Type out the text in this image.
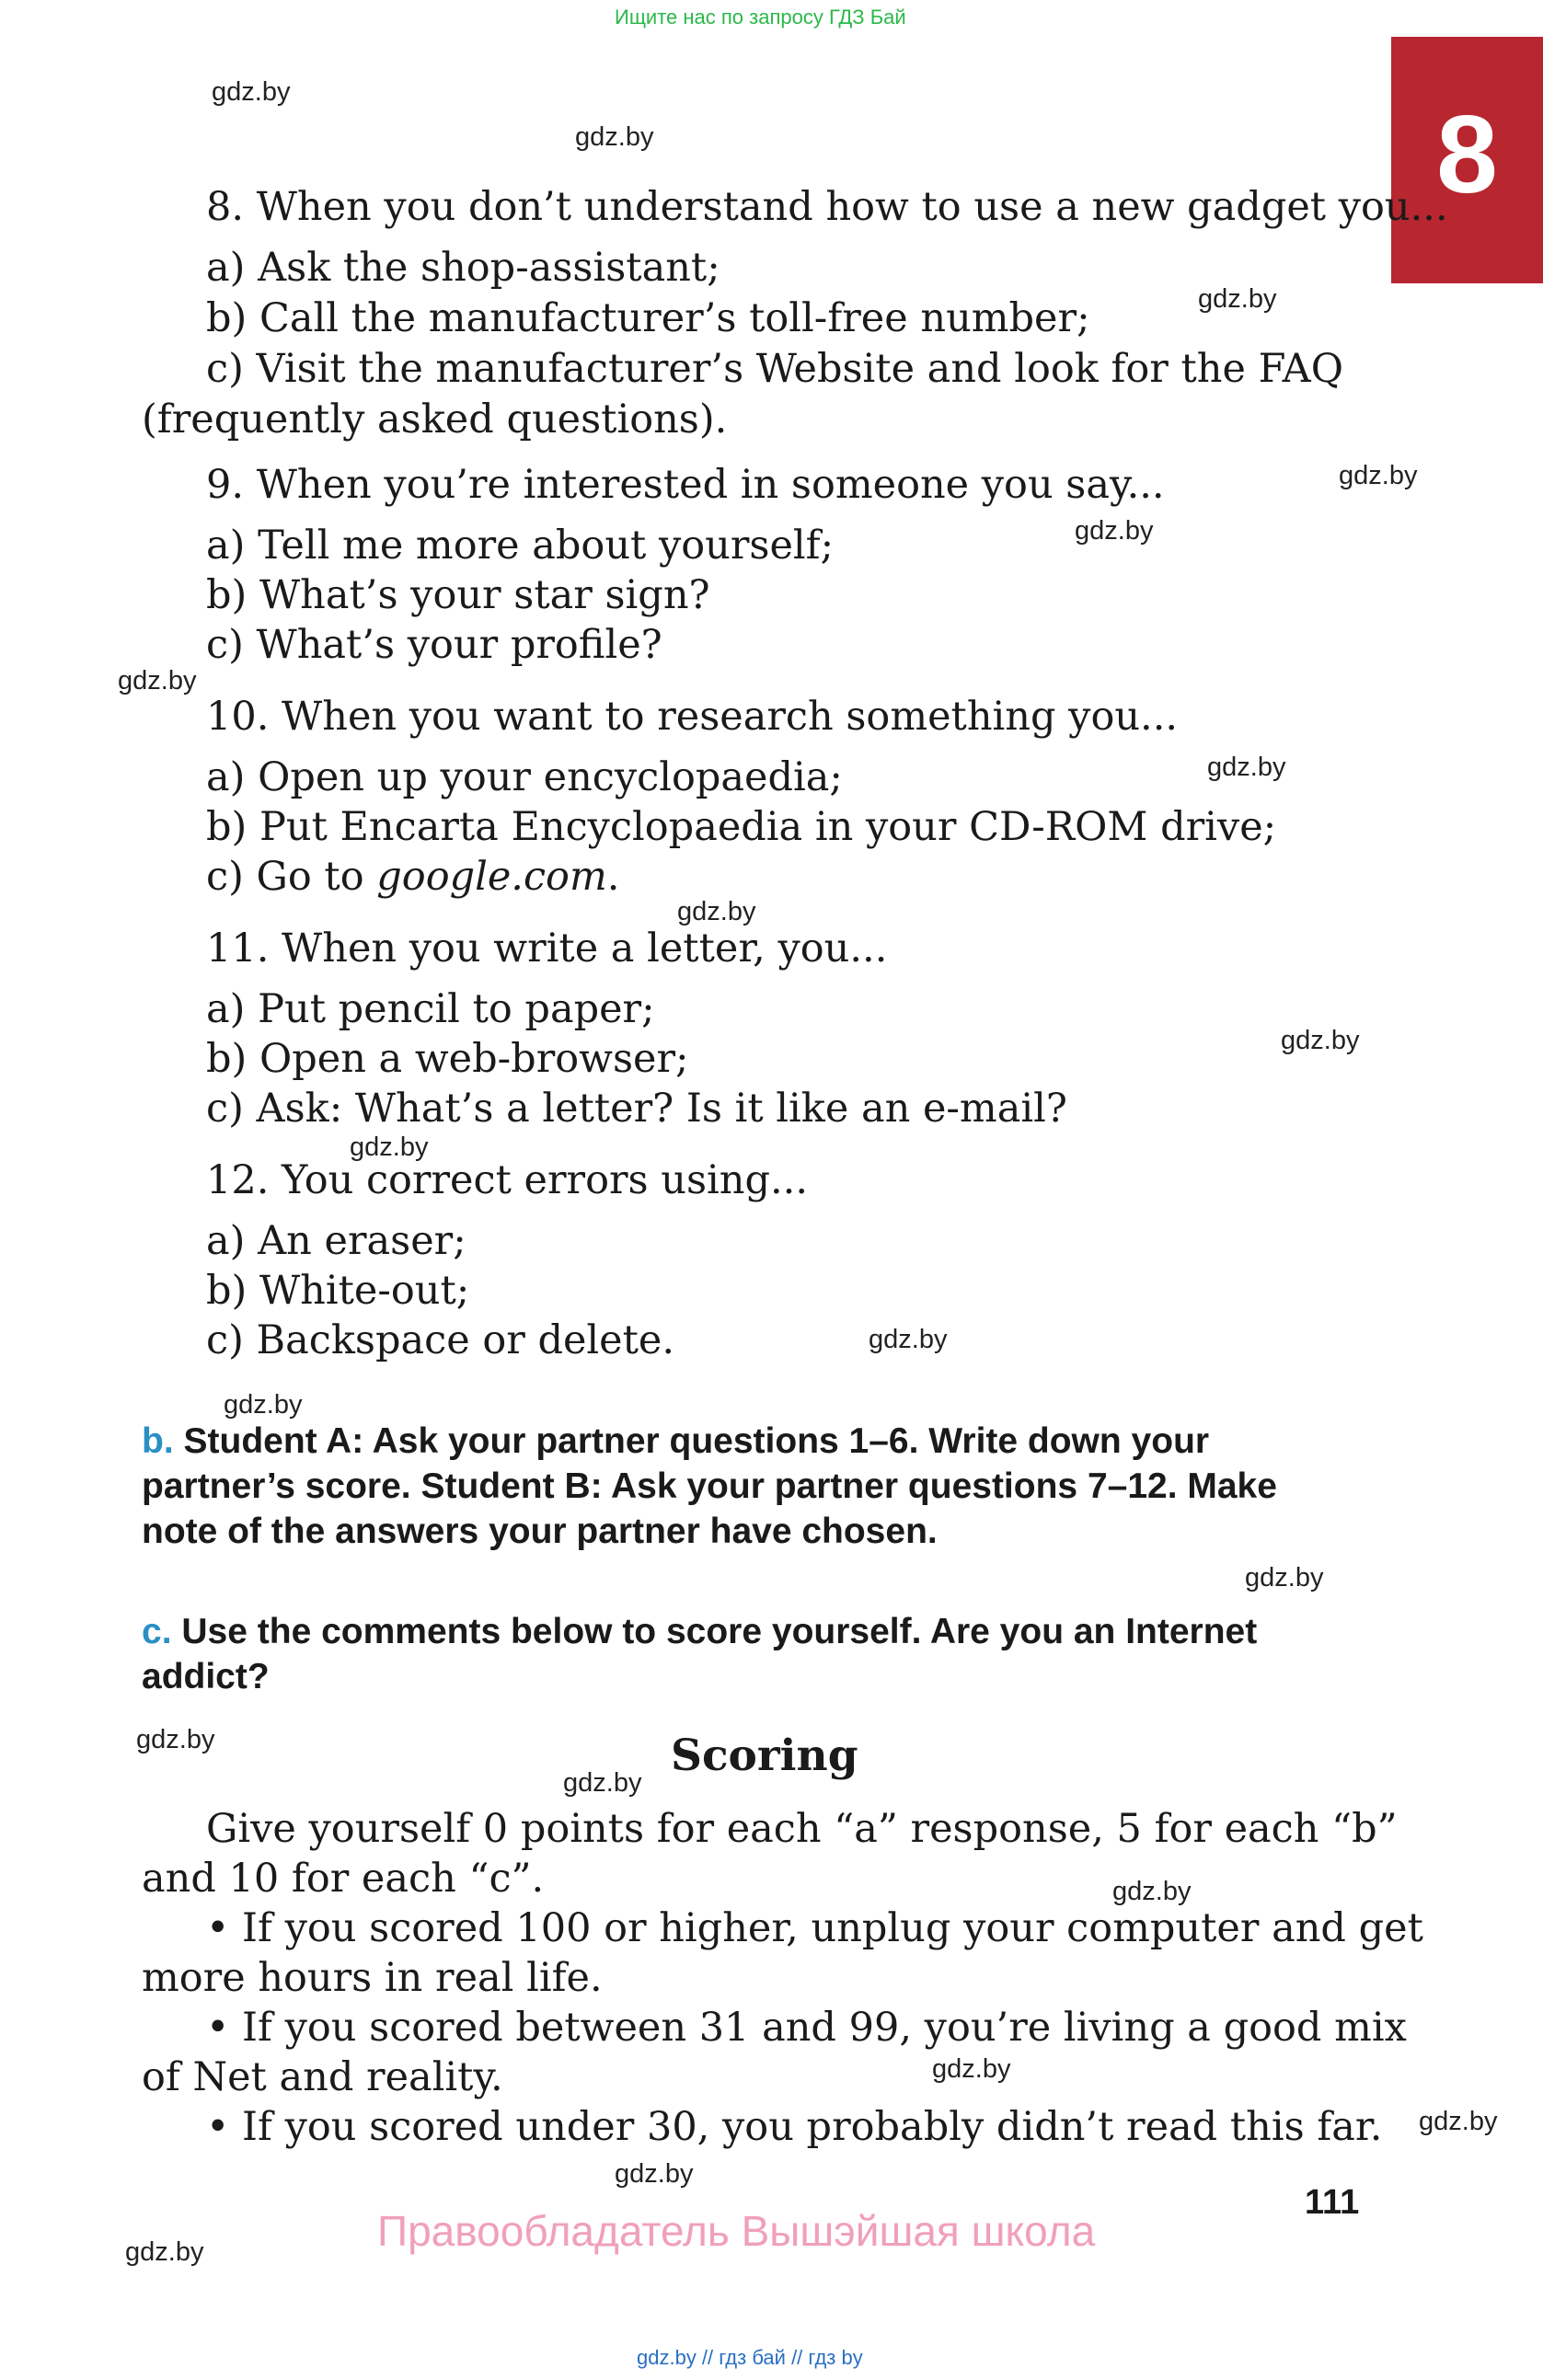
Ищите нас по запросу ГДЗ Бай
8
gdz.by
gdz.by
gdz.by
gdz.by
gdz.by
gdz.by
gdz.by
gdz.by
gdz.by
gdz.by
gdz.by
gdz.by
gdz.by
gdz.by
gdz.by
gdz.by
gdz.by
gdz.by
gdz.by
gdz.by
8. When you don’t understand how to use a new gadget you...
a) Ask the shop-assistant;
b) Call the manufacturer’s toll-free number;
c) Visit the manufacturer’s Website and look for the FAQ
(frequently asked questions).
9. When you’re interested in someone you say...
a) Tell me more about yourself;
b) What’s your star sign?
c) What’s your profile?
10. When you want to research something you...
a) Open up your encyclopaedia;
b) Put Encarta Encyclopaedia in your CD-ROM drive;
c) Go to google.com.
11. When you write a letter, you...
a) Put pencil to paper;
b) Open a web-browser;
c) Ask: What’s a letter? Is it like an e-mail?
12. You correct errors using...
a) An eraser;
b) White-out;
c) Backspace or delete.
b. Student A: Ask your partner questions 1–6. Write down your
partner’s score. Student B: Ask your partner questions 7–12. Make
note of the answers your partner have chosen.
c. Use the comments below to score yourself. Are you an Internet
addict?
Scoring
Give yourself 0 points for each “a” response, 5 for each “b”
and 10 for each “c”.
• If you scored 100 or higher, unplug your computer and get
more hours in real life.
• If you scored between 31 and 99, you’re living a good mix
of Net and reality.
• If you scored under 30, you probably didn’t read this far.
111
Правообладатель Вышэйшая школа
gdz.by // гдз бай // гдз by
